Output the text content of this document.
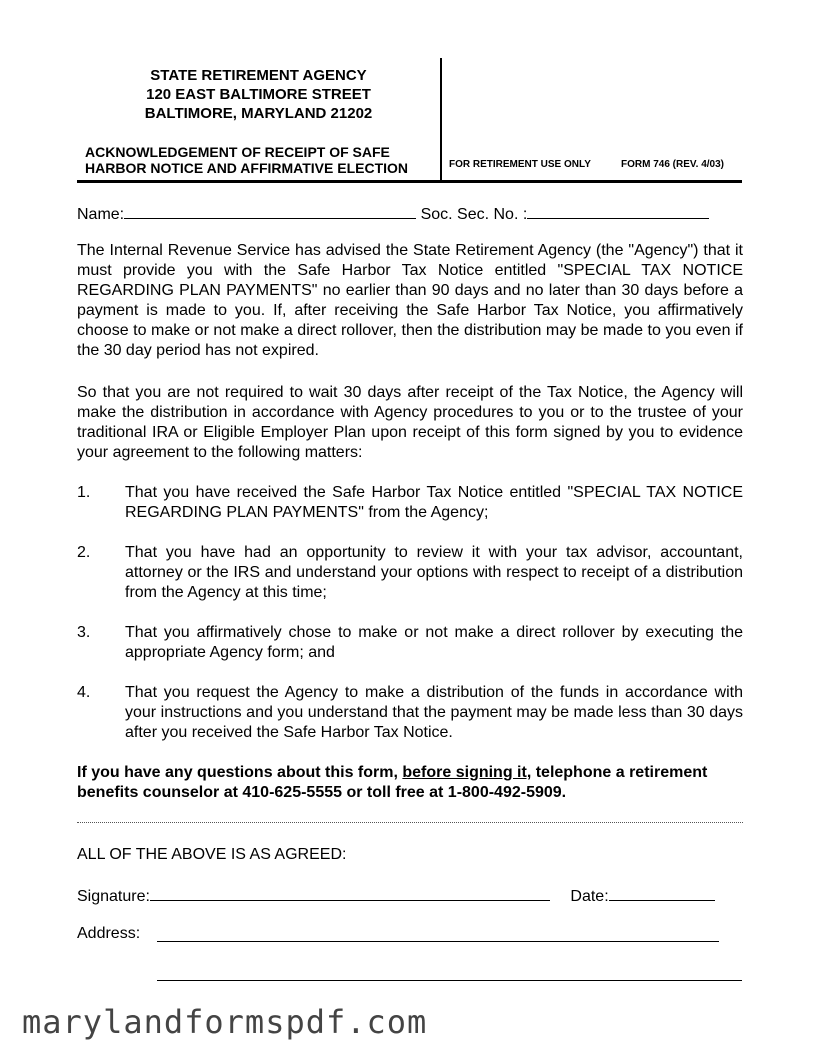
STATE RETIREMENT AGENCY
120 EAST BALTIMORE STREET
BALTIMORE, MARYLAND 21202
ACKNOWLEDGEMENT OF RECEIPT OF SAFE
HARBOR NOTICE AND AFFIRMATIVE ELECTION	FOR RETIREMENT USE ONLY	FORM 746 (REV. 4/03)
Name:	Soc. Sec. No. :
The Internal Revenue Service has advised the State Retirement Agency (the "Agency") that it must provide you with the Safe Harbor Tax Notice entitled "SPECIAL TAX NOTICE REGARDING PLAN PAYMENTS" no earlier than 90 days and no later than 30 days before a payment is made to you. If, after receiving the Safe Harbor Tax Notice, you affirmatively choose to make or not make a direct rollover, then the distribution may be made to you even if the 30 day period has not expired.
So that you are not required to wait 30 days after receipt of the Tax Notice, the Agency will make the distribution in accordance with Agency procedures to you or to the trustee of your traditional IRA or Eligible Employer Plan upon receipt of this form signed by you to evidence your agreement to the following matters:
1. That you have received the Safe Harbor Tax Notice entitled "SPECIAL TAX NOTICE REGARDING PLAN PAYMENTS" from the Agency;
2. That you have had an opportunity to review it with your tax advisor, accountant, attorney or the IRS and understand your options with respect to receipt of a distribution from the Agency at this time;
3. That you affirmatively chose to make or not make a direct rollover by executing the appropriate Agency form; and
4. That you request the Agency to make a distribution of the funds in accordance with your instructions and you understand that the payment may be made less than 30 days after you received the Safe Harbor Tax Notice.
If you have any questions about this form, before signing it, telephone a retirement benefits counselor at 410-625-5555 or toll free at 1-800-492-5909.
ALL OF THE ABOVE IS AS AGREED:
Signature:	Date:
Address:
marylandformspdf.com
